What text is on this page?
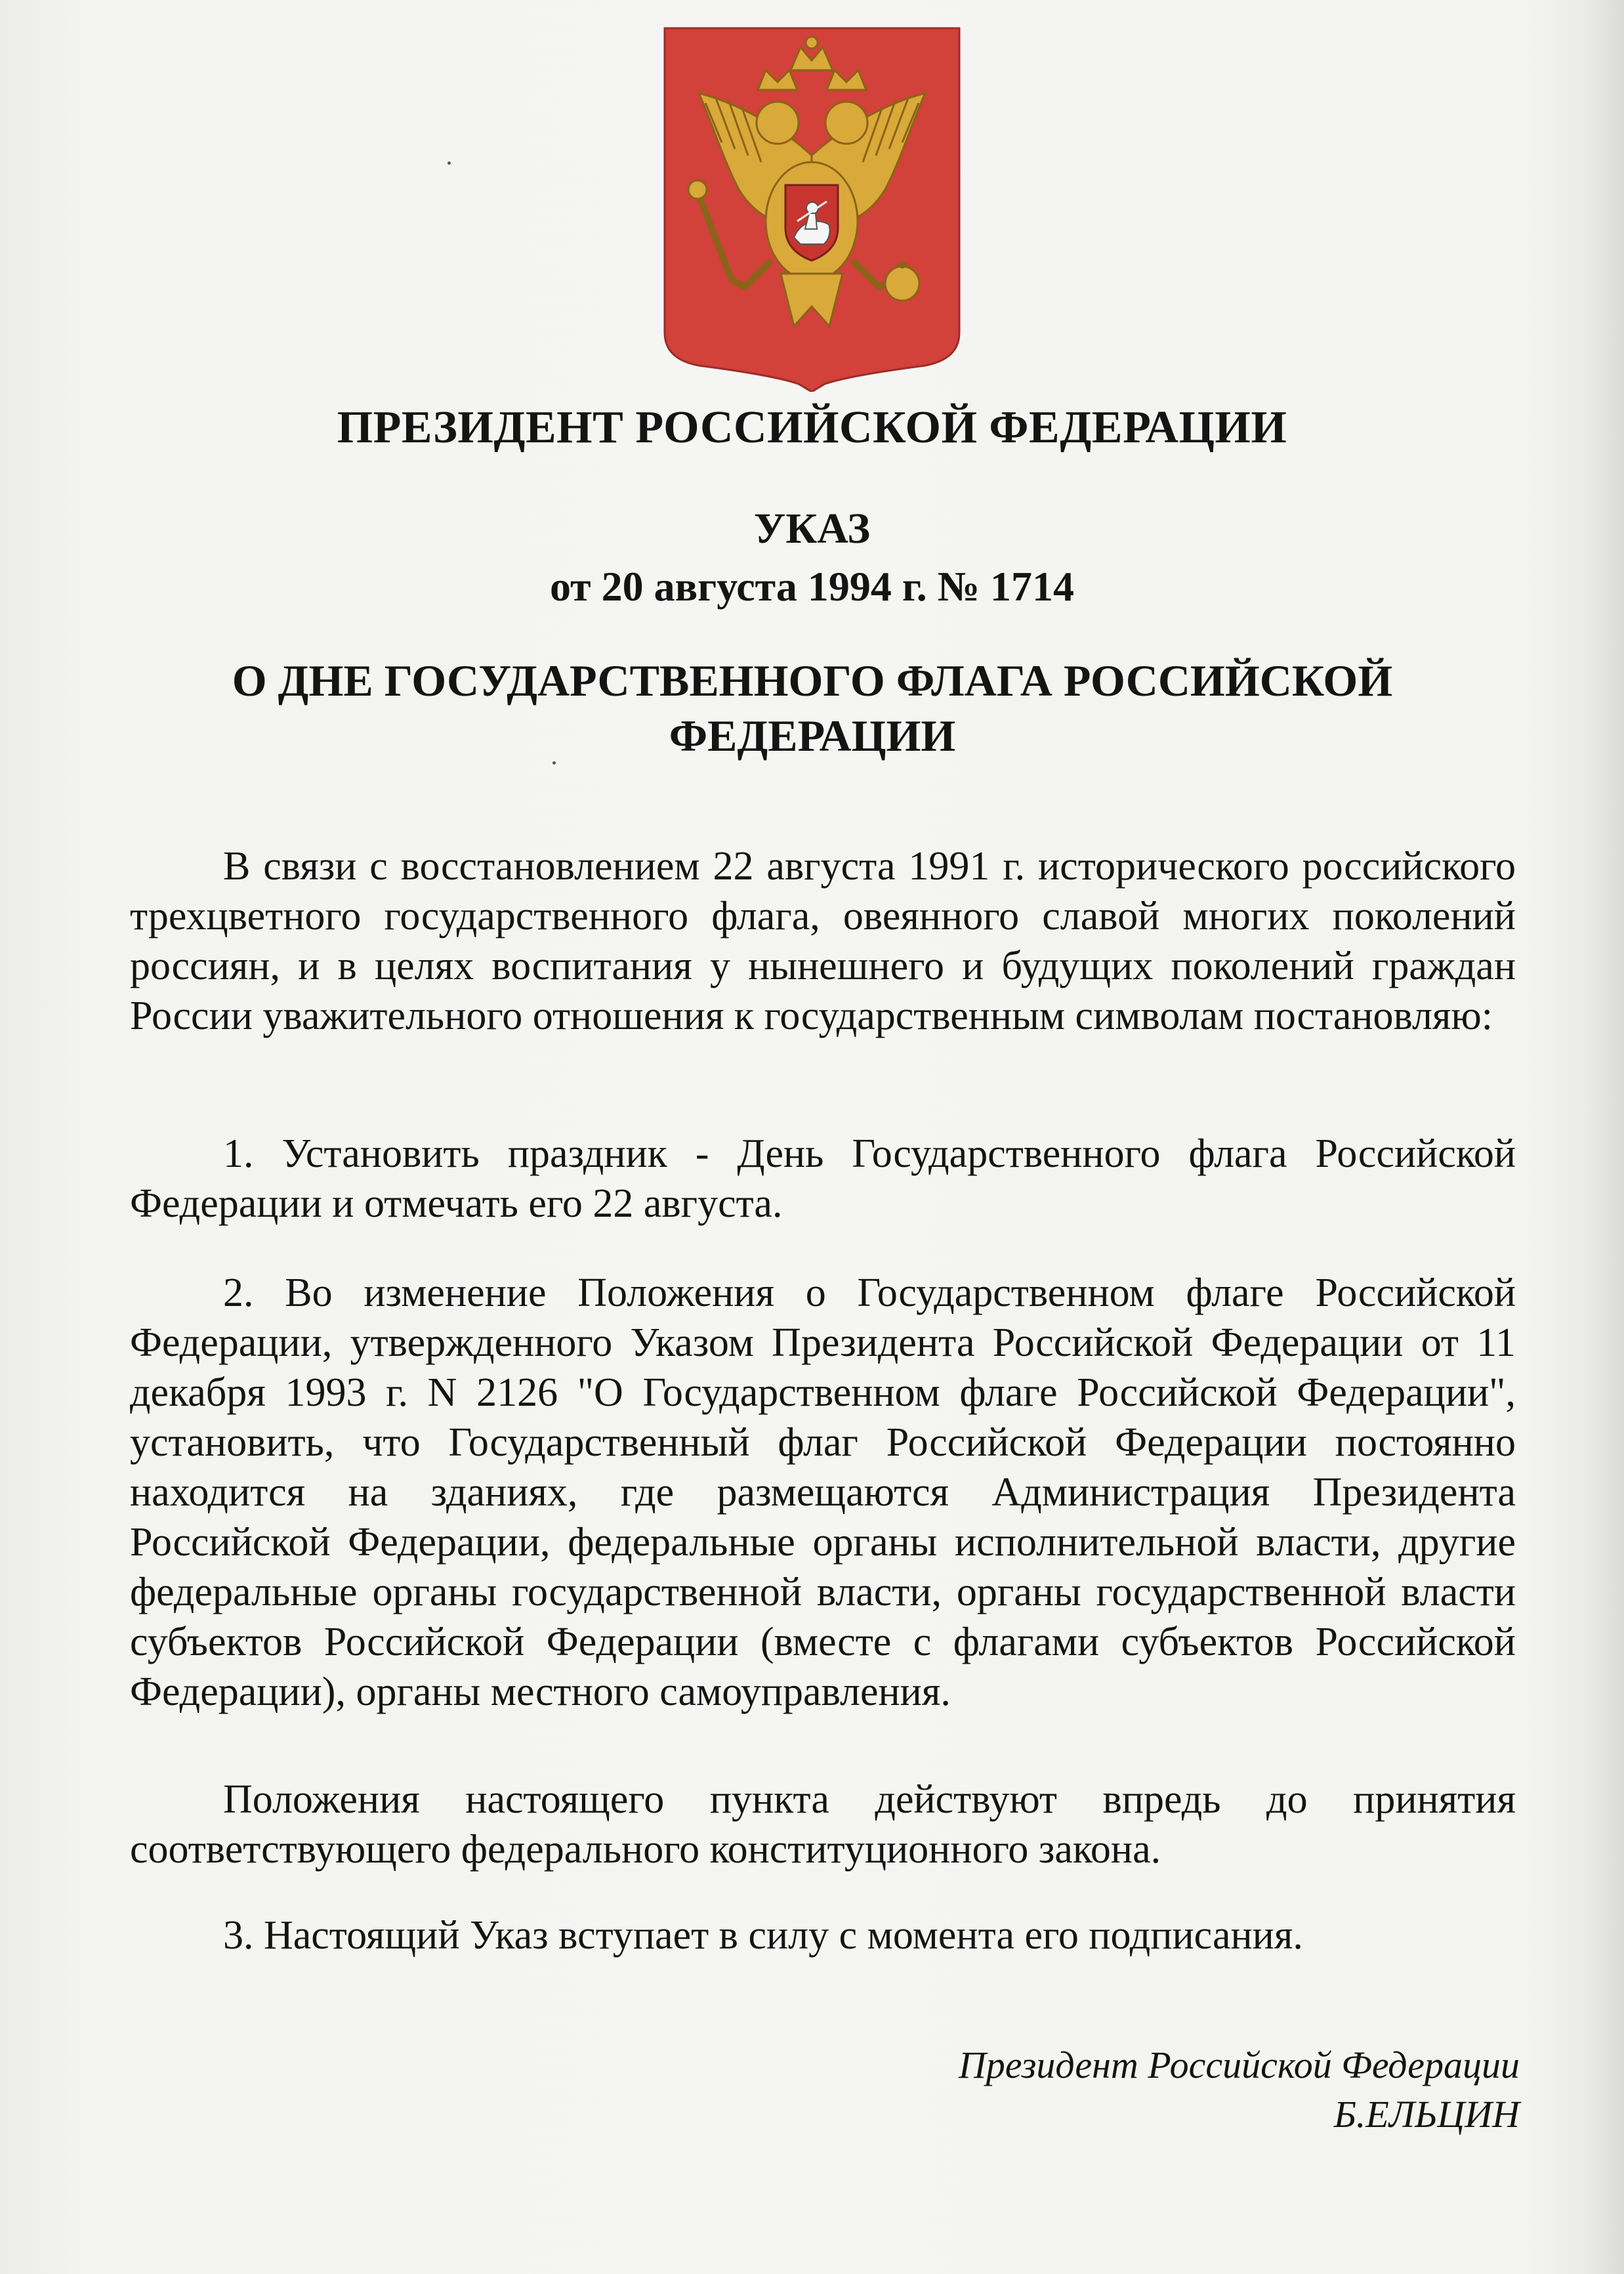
ПРЕЗИДЕНТ РОССИЙСКОЙ ФЕДЕРАЦИИ
УКАЗ
от 20 августа 1994 г. № 1714
О ДНЕ ГОСУДАРСТВЕННОГО ФЛАГА РОССИЙСКОЙ ФЕДЕРАЦИИ

В связи с восстановлением 22 августа 1991 г. исторического российского трехцветного государственного флага, овеянного славой многих поколений россиян, и в целях воспитания у нынешнего и будущих поколений граждан России уважительного отношения к государственным символам постановляю:

1. Установить праздник - День Государственного флага Российской Федерации и отмечать его 22 августа.

2. Во изменение Положения о Государственном флаге Российской Федерации, утвержденного Указом Президента Российской Федерации от 11 декабря 1993 г. N 2126 "О Государственном флаге Российской Федерации", установить, что Государственный флаг Российской Федерации постоянно находится на зданиях, где размещаются Администрация Президента Российской Федерации, федеральные органы исполнительной власти, другие федеральные органы государственной власти, органы государственной власти субъектов Российской Федерации (вместе с флагами субъектов Российской Федерации), органы местного самоуправления.

Положения настоящего пункта действуют впредь до принятия соответствующего федерального конституционного закона.

3. Настоящий Указ вступает в силу с момента его подписания.

Президент Российской Федерации
Б.ЕЛЬЦИН
